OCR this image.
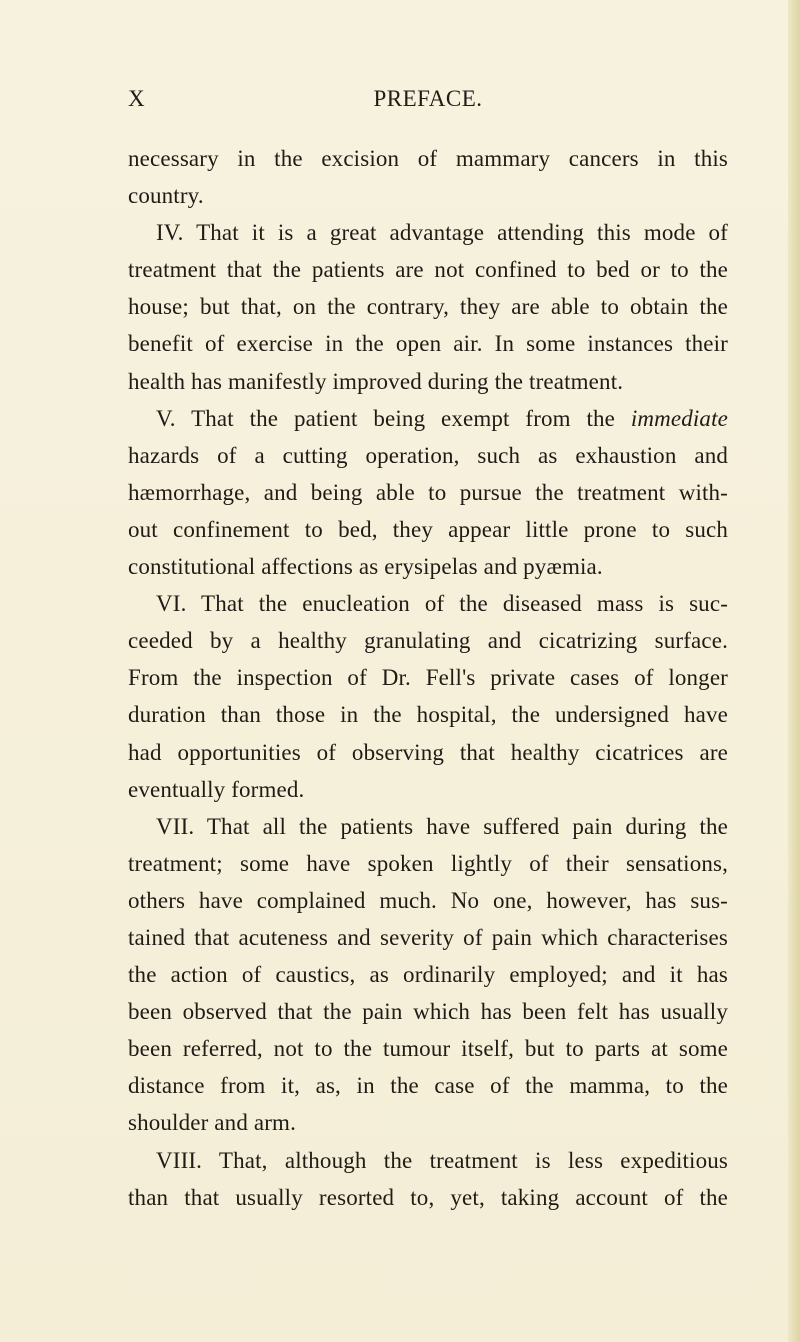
X	PREFACE.
necessary in the excision of mammary cancers in this
country.
IV. That it is a great advantage attending this mode of
treatment that the patients are not confined to bed or to the
house; but that, on the contrary, they are able to obtain the
benefit of exercise in the open air. In some instances their
health has manifestly improved during the treatment.
V. That the patient being exempt from the immediate
hazards of a cutting operation, such as exhaustion and
hæmorrhage, and being able to pursue the treatment with-
out confinement to bed, they appear little prone to such
constitutional affections as erysipelas and pyæmia.
VI. That the enucleation of the diseased mass is suc-
ceeded by a healthy granulating and cicatrizing surface.
From the inspection of Dr. Fell's private cases of longer
duration than those in the hospital, the undersigned have
had opportunities of observing that healthy cicatrices are
eventually formed.
VII. That all the patients have suffered pain during the
treatment; some have spoken lightly of their sensations,
others have complained much. No one, however, has sus-
tained that acuteness and severity of pain which characterises
the action of caustics, as ordinarily employed; and it has
been observed that the pain which has been felt has usually
been referred, not to the tumour itself, but to parts at some
distance from it, as, in the case of the mamma, to the
shoulder and arm.
VIII. That, although the treatment is less expeditious
than that usually resorted to, yet, taking account of the
